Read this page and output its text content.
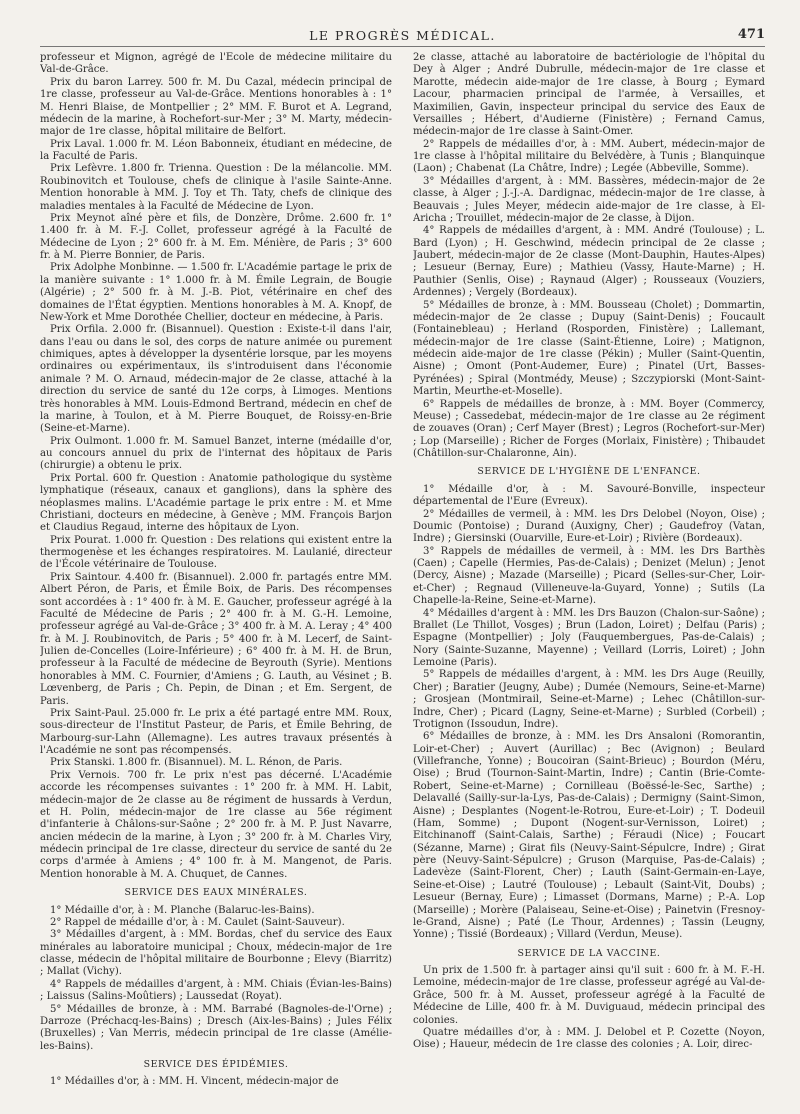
LE PROGRÈS MÉDICAL.	471

professeur et Mignon, agrégé de l'École de médecine militaire du Val-de-Grâce.

Prix du baron Larrey. 500 fr. M. Du Cazal, médecin principal de 1re classe, professeur au Val-de-Grâce. Mentions honorables à : 1° M. Henri Blaise, de Montpellier ; 2° MM. F. Burot et A. Legrand, médecin de la marine, à Rochefort-sur-Mer ; 3° M. Marty, médecin-major de 1re classe, hôpital militaire de Belfort.

Prix Laval. 1.000 fr. M. Léon Babonneix, étudiant en médecine, de la Faculté de Paris.

Prix Lefèvre. 1.800 fr. Trienna. Question : De la mélancolie. MM. Roubinovitch et Toulouse, chefs de clinique à l'asile Sainte-Anne. Mention honorable à MM. J. Toy et Th. Taty, chefs de clinique des maladies mentales à la Faculté de Médecine de Lyon.

Prix Meynot aîné père et fils, de Donzère, Drôme. 2.600 fr. 1° 1.400 fr. à M. F.-J. Collet, professeur agrégé à la Faculté de Médecine de Lyon ; 2° 600 fr. à M. Em. Ménière, de Paris ; 3° 600 fr. à M. Pierre Bonnier, de Paris.

Prix Adolphe Monbinne. — 1.500 fr. L'Académie partage le prix de la manière suivante : 1° 1.000 fr. à M. Émile Legrain, de Bougie (Algérie) ; 2° 500 fr. à M. J.-B. Piot, vétérinaire en chef des domaines de l'État égyptien. Mentions honorables à M. A. Knopf, de New-York et Mme Dorothée Chellier, docteur en médecine, à Paris.

Prix Orfila. 2.000 fr. (Bisannuel). Question : Existe-t-il dans l'air, dans l'eau ou dans le sol, des corps de nature animée ou purement chimiques, aptes à développer la dysentérie lorsque, par les moyens ordinaires ou expérimentaux, ils s'introduisent dans l'économie animale ? M. O. Arnaud, médecin-major de 2e classe, attaché à la direction du service de santé du 12e corps, à Limoges. Mentions très honorables à MM. Louis-Edmond Bertrand, médecin en chef de la marine, à Toulon, et à M. Pierre Bouquet, de Roissy-en-Brie (Seine-et-Marne).

Prix Oulmont. 1.000 fr. M. Samuel Banzet, interne (médaille d'or, au concours annuel du prix de l'internat des hôpitaux de Paris (chirurgie) a obtenu le prix.

Prix Portal. 600 fr. Question : Anatomie pathologique du système lymphatique (réseaux, canaux et ganglions), dans la sphère des néoplasmes malins. L'Académie partage le prix entre : M. et Mme Christiani, docteurs en médecine, à Genève ; MM. François Barjon et Claudius Regaud, interne des hôpitaux de Lyon.

Prix Pourat. 1.000 fr. Question : Des relations qui existent entre la thermogenèse et les échanges respiratoires. M. Laulanié, directeur de l'École vétérinaire de Toulouse.

Prix Saintour. 4.400 fr. (Bisannuel). 2.000 fr. partagés entre MM. Albert Péron, de Paris, et Émile Boix, de Paris. Des récompenses sont accordées à : 1° 400 fr. à M. E. Gaucher, professeur agrégé à la Faculté de Médecine de Paris ; 2° 400 fr. à M. G.-H. Lemoine, professeur agrégé au Val-de-Grâce ; 3° 400 fr. à M. A. Leray ; 4° 400 fr. à M. J. Roubinovitch, de Paris ; 5° 400 fr. à M. Lecerf, de Saint-Julien de-Concelles (Loire-Inférieure) ; 6° 400 fr. à M. H. de Brun, professeur à la Faculté de médecine de Beyrouth (Syrie). Mentions honorables à MM. C. Fournier, d'Amiens ; G. Lauth, au Vésinet ; B. Lœvenberg, de Paris ; Ch. Pepin, de Dinan ; et Em. Sergent, de Paris.

Prix Saint-Paul. 25.000 fr. Le prix a été partagé entre MM. Roux, sous-directeur de l'Institut Pasteur, de Paris, et Émile Behring, de Marbourg-sur-Lahn (Allemagne). Les autres travaux présentés à l'Académie ne sont pas récompensés.

Prix Stanski. 1.800 fr. (Bisannuel). M. L. Rénon, de Paris.

Prix Vernois. 700 fr. Le prix n'est pas décerné. L'Académie accorde les récompenses suivantes : 1° 200 fr. à MM. H. Labit, médecin-major de 2e classe au 8e régiment de hussards à Verdun, et H. Polin, médecin-major de 1re classe au 56e régiment d'infanterie à Châlons-sur-Saône ; 2° 200 fr. à M. P. Just Navarre, ancien médecin de la marine, à Lyon ; 3° 200 fr. à M. Charles Viry, médecin principal de 1re classe, directeur du service de santé du 2e corps d'armée à Amiens ; 4° 100 fr. à M. Mangenot, de Paris. Mention honorable à M. A. Chuquet, de Cannes.

SERVICE DES EAUX MINÉRALES.

1° Médaille d'or, à : M. Planche (Balaruc-les-Bains).

2° Rappel de médaille d'or, à : M. Caulet (Saint-Sauveur).

3° Médailles d'argent, à : MM. Bordas, chef du service des Eaux minérales au laboratoire municipal ; Choux, médecin-major de 1re classe, médecin de l'hôpital militaire de Bourbonne ; Elevy (Biarritz) ; Mallat (Vichy).

4° Rappels de médailles d'argent, à : MM. Chiais (Évian-les-Bains) ; Laissus (Salins-Moûtiers) ; Laussedat (Royat).

5° Médailles de bronze, à : MM. Barrabé (Bagnoles-de-l'Orne) ; Darroze (Préchacq-les-Bains) ; Dresch (Aix-les-Bains) ; Jules Félix (Bruxelles) ; Van Merris, médecin principal de 1re classe (Amélie-les-Bains).

SERVICE DES ÉPIDÉMIES.

1° Médailles d'or, à : MM. H. Vincent, médecin-major de

2e classe, attaché au laboratoire de bactériologie de l'hôpital du Dey à Alger ; André Dubrulle, médecin-major de 1re classe et Marotte, médecin aide-major de 1re classe, à Bourg ; Eymard Lacour, pharmacien principal de l'armée, à Versailles, et Maximilien, Gavin, inspecteur principal du service des Eaux de Versailles ; Hébert, d'Audierne (Finistère) ; Fernand Camus, médecin-major de 1re classe à Saint-Omer.

2° Rappels de médailles d'or, à : MM. Aubert, médecin-major de 1re classe à l'hôpital militaire du Belvédère, à Tunis ; Blanquinque (Laon) ; Chabenat (La Châtre, Indre) ; Legée (Abbeville, Somme).

3° Médailles d'argent, à : MM. Bassères, médecin-major de 2e classe, à Alger ; J.-J.-A. Dardignac, médecin-major de 1re classe, à Beauvais ; Jules Meyer, médecin aide-major de 1re classe, à El-Aricha ; Trouillet, médecin-major de 2e classe, à Dijon.

4° Rappels de médailles d'argent, à : MM. André (Toulouse) ; L. Bard (Lyon) ; H. Geschwind, médecin principal de 2e classe ; Jaubert, médecin-major de 2e classe (Mont-Dauphin, Hautes-Alpes) ; Lesueur (Bernay, Eure) ; Mathieu (Vassy, Haute-Marne) ; H. Pauthier (Senlis, Oise) ; Raynaud (Alger) ; Rousseaux (Vouziers, Ardennes) ; Vergely (Bordeaux).

5° Médailles de bronze, à : MM. Bousseau (Cholet) ; Dommartin, médecin-major de 2e classe ; Dupuy (Saint-Denis) ; Foucault (Fontainebleau) ; Herland (Rosporden, Finistère) ; Lallemant, médecin-major de 1re classe (Saint-Étienne, Loire) ; Matignon, médecin aide-major de 1re classe (Pékin) ; Muller (Saint-Quentin, Aisne) ; Omont (Pont-Audemer, Eure) ; Pinatel (Urt, Basses-Pyrénées) ; Spiral (Montmédy, Meuse) ; Szczypiorski (Mont-Saint-Martin, Meurthe-et-Moselle).

6° Rappels de médailles de bronze, à : MM. Boyer (Commercy, Meuse) ; Cassedebat, médecin-major de 1re classe au 2e régiment de zouaves (Oran) ; Cerf Mayer (Brest) ; Legros (Rochefort-sur-Mer) ; Lop (Marseille) ; Richer de Forges (Morlaix, Finistère) ; Thibaudet (Châtillon-sur-Chalaronne, Ain).

SERVICE DE L'HYGIÈNE DE L'ENFANCE.

1° Médaille d'or, à : M. Savouré-Bonville, inspecteur départemental de l'Eure (Evreux).

2° Médailles de vermeil, à : MM. les Drs Delobel (Noyon, Oise) ; Doumic (Pontoise) ; Durand (Auxigny, Cher) ; Gaudefroy (Vatan, Indre) ; Giersinski (Ouarville, Eure-et-Loir) ; Rivière (Bordeaux).

3° Rappels de médailles de vermeil, à : MM. les Drs Barthès (Caen) ; Capelle (Hermies, Pas-de-Calais) ; Denizet (Melun) ; Jenot (Dercy, Aisne) ; Mazade (Marseille) ; Picard (Selles-sur-Cher, Loir-et-Cher) ; Regnaud (Villeneuve-la-Guyard, Yonne) ; Sutils (La Chapelle-la-Reine, Seine-et-Marne).

4° Médailles d'argent à : MM. les Drs Bauzon (Chalon-sur-Saône) ; Brallet (Le Thillot, Vosges) ; Brun (Ladon, Loiret) ; Delfau (Paris) ; Espagne (Montpellier) ; Joly (Fauquembergues, Pas-de-Calais) ; Nory (Sainte-Suzanne, Mayenne) ; Veillard (Lorris, Loiret) ; John Lemoine (Paris).

5° Rappels de médailles d'argent, à : MM. les Drs Auge (Reuilly, Cher) ; Baratier (Jeugny, Aube) ; Dumée (Nemours, Seine-et-Marne) ; Grosjean (Montmirail, Seine-et-Marne) ; Lehec (Châtillon-sur-Indre, Cher) ; Picard (Lagny, Seine-et-Marne) ; Surbled (Corbeil) ; Trotignon (Issoudun, Indre).

6° Médailles de bronze, à : MM. les Drs Ansaloni (Romorantin, Loir-et-Cher) ; Auvert (Aurillac) ; Bec (Avignon) ; Beulard (Villefranche, Yonne) ; Boucoiran (Saint-Brieuc) ; Bourdon (Méru, Oise) ; Brud (Tournon-Saint-Martin, Indre) ; Cantin (Brie-Comte-Robert, Seine-et-Marne) ; Cornilleau (Boëssé-le-Sec, Sarthe) ; Delavallé (Sailly-sur-la-Lys, Pas-de-Calais) ; Dermigny (Saint-Simon, Aisne) ; Desplantes (Nogent-le-Rotrou, Eure-et-Loir) ; T. Dodeuil (Ham, Somme) ; Dupont (Nogent-sur-Vernisson, Loiret) ; Eitchinanoff (Saint-Calais, Sarthe) ; Féraudi (Nice) ; Foucart (Sézanne, Marne) ; Girat fils (Neuvy-Saint-Sépulcre, Indre) ; Girat père (Neuvy-Saint-Sépulcre) ; Gruson (Marquise, Pas-de-Calais) ; Ladevèze (Saint-Florent, Cher) ; Lauth (Saint-Germain-en-Laye, Seine-et-Oise) ; Lautré (Toulouse) ; Lebault (Saint-Vit, Doubs) ; Lesueur (Bernay, Eure) ; Limasset (Dormans, Marne) ; P.-A. Lop (Marseille) ; Morère (Palaiseau, Seine-et-Oise) ; Painetvin (Fresnoy-le-Grand, Aisne) ; Paté (Le Thour, Ardennes) ; Tassin (Leugny, Yonne) ; Tissié (Bordeaux) ; Villard (Verdun, Meuse).

SERVICE DE LA VACCINE.

Un prix de 1.500 fr. à partager ainsi qu'il suit : 600 fr. à M. F.-H. Lemoine, médecin-major de 1re classe, professeur agrégé au Val-de-Grâce, 500 fr. à M. Ausset, professeur agrégé à la Faculté de Médecine de Lille, 400 fr. à M. Duviguaud, médecin principal des colonies.

Quatre médailles d'or, à : MM. J. Delobel et P. Cozette (Noyon, Oise) ; Haueur, médecin de 1re classe des colonies ; A. Loir, direc-
